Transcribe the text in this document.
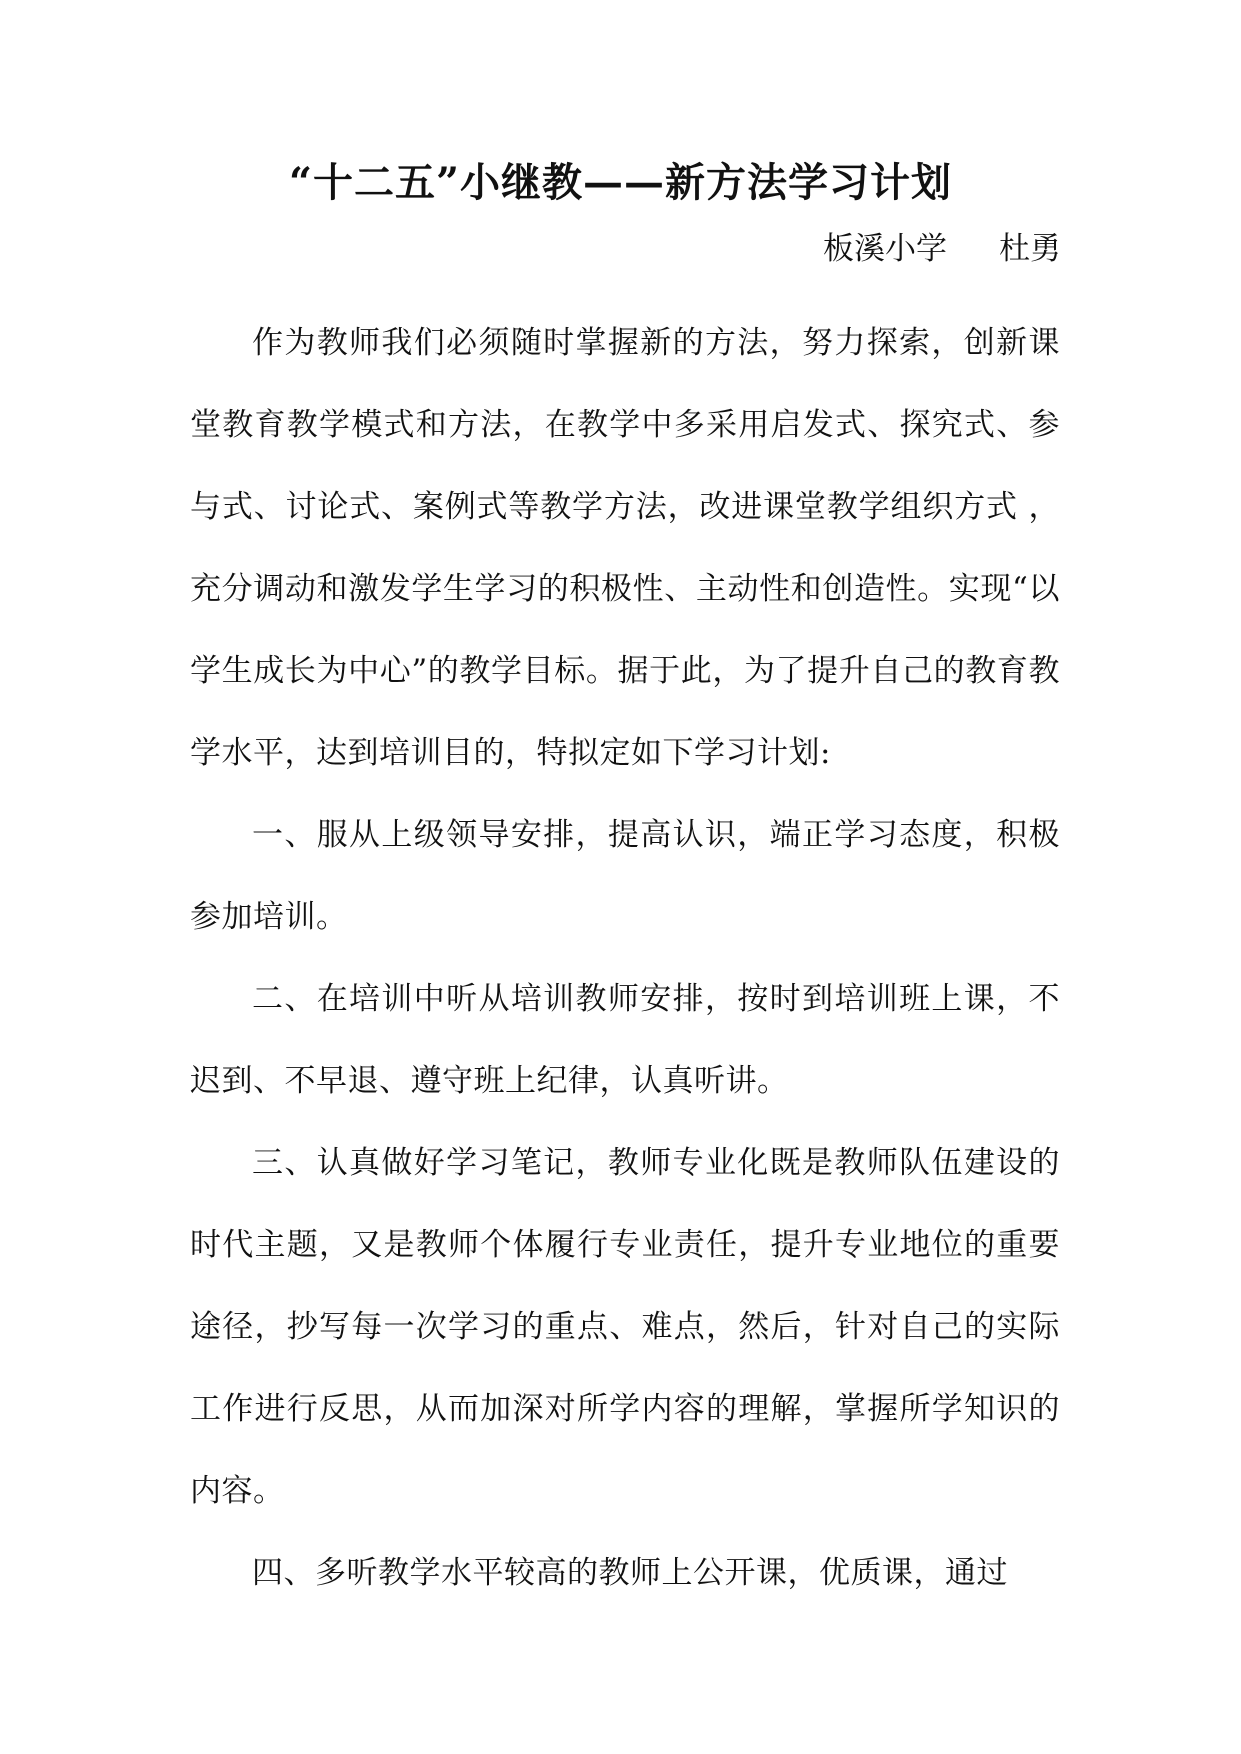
“十二五”小继教——新方法学习计划
板溪小学 杜勇

作为教师我们必须随时掌握新的方法，努力探索，创新课堂教育教学模式和方法，在教学中多采用启发式、探究式、参与式、讨论式、案例式等教学方法，改进课堂教学组织方式 ，充分调动和激发学生学习的积极性、主动性和创造性。实现“以学生成长为中心”的教学目标。据于此，为了提升自己的教育教学水平，达到培训目的，特拟定如下学习计划:

一、服从上级领导安排，提高认识，端正学习态度，积极参加培训。

二、在培训中听从培训教师安排，按时到培训班上课，不迟到、不早退、遵守班上纪律，认真听讲。

三、认真做好学习笔记，教师专业化既是教师队伍建设的时代主题，又是教师个体履行专业责任，提升专业地位的重要途径，抄写每一次学习的重点、难点，然后，针对自己的实际工作进行反思，从而加深对所学内容的理解，掌握所学知识的内容。

四、多听教学水平较高的教师上公开课，优质课，通过
